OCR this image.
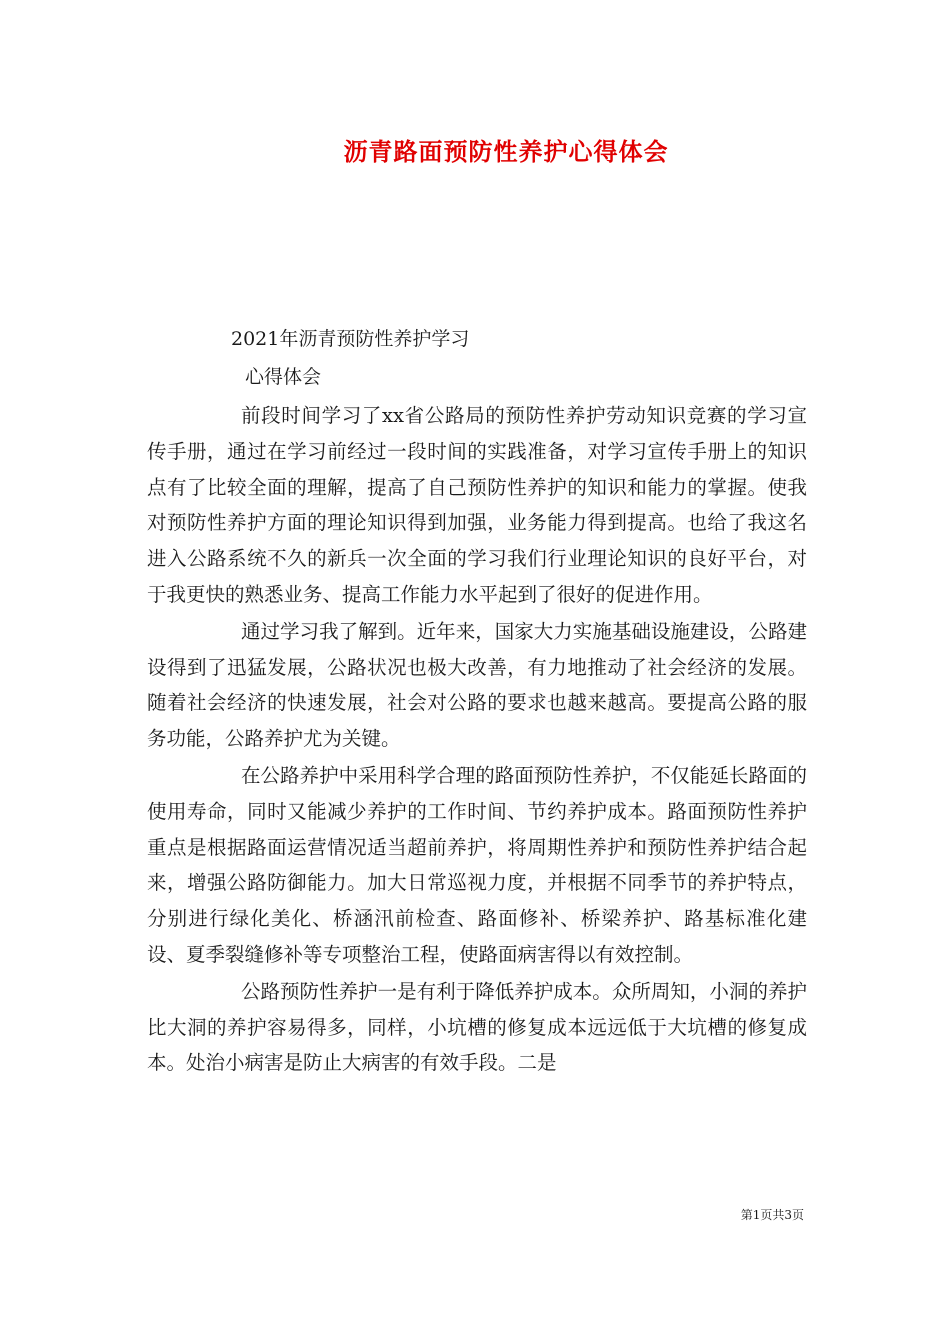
沥青路面预防性养护心得体会
2021年沥青预防性养护学习
心得体会

前段时间学习了xx省公路局的预防性养护劳动知识竞赛的学习宣传手册，通过在学习前经过一段时间的实践准备，对学习宣传手册上的知识点有了比较全面的理解，提高了自己预防性养护的知识和能力的掌握。使我对预防性养护方面的理论知识得到加强，业务能力得到提高。也给了我这名进入公路系统不久的新兵一次全面的学习我们行业理论知识的良好平台，对于我更快的熟悉业务、提高工作能力水平起到了很好的促进作用。

通过学习我了解到。近年来，国家大力实施基础设施建设，公路建设得到了迅猛发展，公路状况也极大改善，有力地推动了社会经济的发展。随着社会经济的快速发展，社会对公路的要求也越来越高。要提高公路的服务功能，公路养护尤为关键。

在公路养护中采用科学合理的路面预防性养护，不仅能延长路面的使用寿命，同时又能减少养护的工作时间、节约养护成本。路面预防性养护重点是根据路面运营情况适当超前养护，将周期性养护和预防性养护结合起来，增强公路防御能力。加大日常巡视力度，并根据不同季节的养护特点，分别进行绿化美化、桥涵汛前检查、路面修补、桥梁养护、路基标准化建设、夏季裂缝修补等专项整治工程，使路面病害得以有效控制。

公路预防性养护一是有利于降低养护成本。众所周知，小洞的养护比大洞的养护容易得多，同样，小坑槽的修复成本远远低于大坑槽的修复成本。处治小病害是防止大病害的有效手段。二是

第1页共3页
